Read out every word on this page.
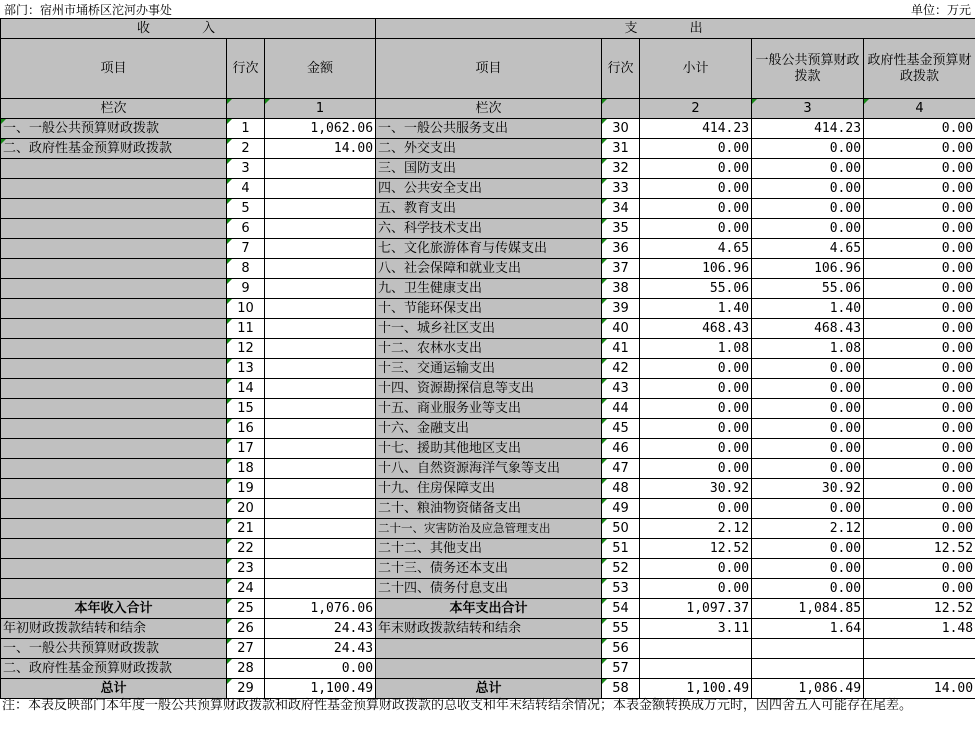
部门：宿州市埇桥区沱河办事处	单位：万元
收 入			支 出				
项目	行次	金额	项目	行次	小计	一般公共预算财政拨款	政府性基金预算财政拨款
栏次		1	栏次		2	3	4
一、一般公共预算财政拨款	1	1,062.06	一、一般公共服务支出	30	414.23	414.23	0.00
二、政府性基金预算财政拨款	2	14.00	二、外交支出	31	0.00	0.00	0.00
	3		三、国防支出	32	0.00	0.00	0.00
	4		四、公共安全支出	33	0.00	0.00	0.00
	5		五、教育支出	34	0.00	0.00	0.00
	6		六、科学技术支出	35	0.00	0.00	0.00
	7		七、文化旅游体育与传媒支出	36	4.65	4.65	0.00
	8		八、社会保障和就业支出	37	106.96	106.96	0.00
	9		九、卫生健康支出	38	55.06	55.06	0.00
	10		十、节能环保支出	39	1.40	1.40	0.00
	11		十一、城乡社区支出	40	468.43	468.43	0.00
	12		十二、农林水支出	41	1.08	1.08	0.00
	13		十三、交通运输支出	42	0.00	0.00	0.00
	14		十四、资源勘探信息等支出	43	0.00	0.00	0.00
	15		十五、商业服务业等支出	44	0.00	0.00	0.00
	16		十六、金融支出	45	0.00	0.00	0.00
	17		十七、援助其他地区支出	46	0.00	0.00	0.00
	18		十八、自然资源海洋气象等支出	47	0.00	0.00	0.00
	19		十九、住房保障支出	48	30.92	30.92	0.00
	20		二十、粮油物资储备支出	49	0.00	0.00	0.00
	21		二十一、灾害防治及应急管理支出	50	2.12	2.12	0.00
	22		二十二、其他支出	51	12.52	0.00	12.52
	23		二十三、债务还本支出	52	0.00	0.00	0.00
	24		二十四、债务付息支出	53	0.00	0.00	0.00
本年收入合计	25	1,076.06	本年支出合计	54	1,097.37	1,084.85	12.52
年初财政拨款结转和结余	26	24.43	年末财政拨款结转和结余	55	3.11	1.64	1.48
一、一般公共预算财政拨款	27	24.43		56			
二、政府性基金预算财政拨款	28	0.00		57			
总计	29	1,100.49	总计	58	1,100.49	1,086.49	14.00
注：本表反映部门本年度一般公共预算财政拨款和政府性基金预算财政拨款的总收支和年末结转结余情况；本表金额转换成万元时，因四舍五入可能存在尾差。
